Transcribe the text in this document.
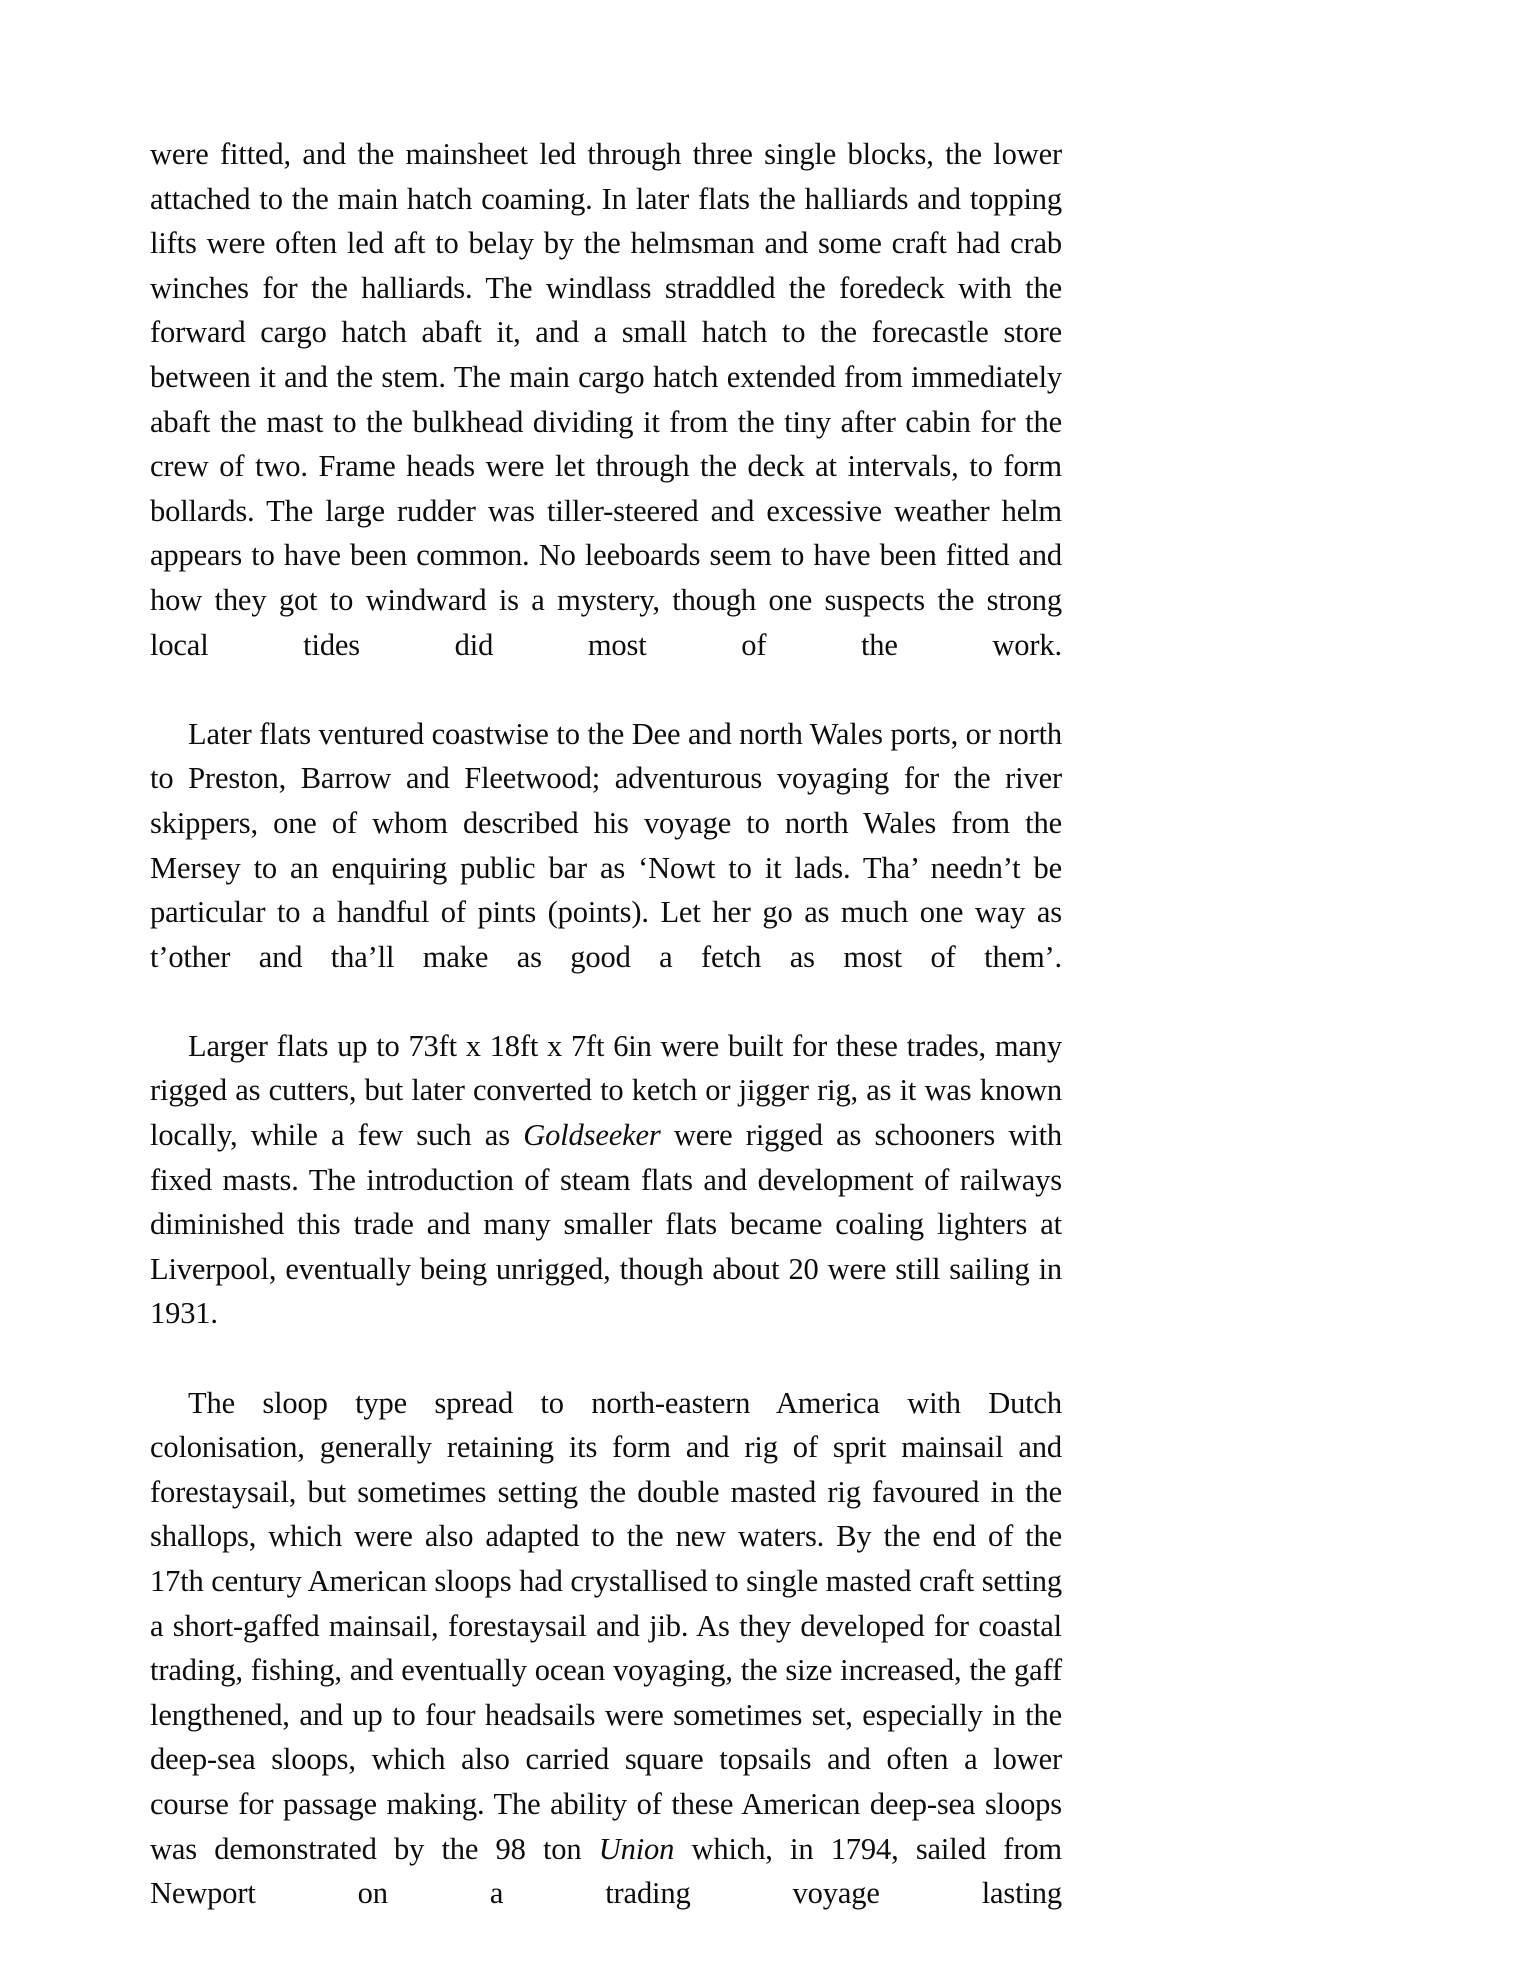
were fitted, and the mainsheet led through three single blocks, the lower attached to the main hatch coaming. In later flats the halliards and topping lifts were often led aft to belay by the helmsman and some craft had crab winches for the halliards. The windlass straddled the foredeck with the forward cargo hatch abaft it, and a small hatch to the forecastle store between it and the stem. The main cargo hatch extended from immediately abaft the mast to the bulkhead dividing it from the tiny after cabin for the crew of two. Frame heads were let through the deck at intervals, to form bollards. The large rudder was tiller-steered and excessive weather helm appears to have been common. No leeboards seem to have been fitted and how they got to windward is a mystery, though one suspects the strong local tides did most of the work.

Later flats ventured coastwise to the Dee and north Wales ports, or north to Preston, Barrow and Fleetwood; adventurous voyaging for the river skippers, one of whom described his voyage to north Wales from the Mersey to an enquiring public bar as ‘Nowt to it lads. Tha’ needn’t be particular to a handful of pints (points). Let her go as much one way as t’other and tha’ll make as good a fetch as most of them’.

Larger flats up to 73ft x 18ft x 7ft 6in were built for these trades, many rigged as cutters, but later converted to ketch or jigger rig, as it was known locally, while a few such as Goldseeker were rigged as schooners with fixed masts. The introduction of steam flats and development of railways diminished this trade and many smaller flats became coaling lighters at Liverpool, eventually being unrigged, though about 20 were still sailing in 1931.

The sloop type spread to north-eastern America with Dutch colonisation, generally retaining its form and rig of sprit mainsail and forestaysail, but sometimes setting the double masted rig favoured in the shallops, which were also adapted to the new waters. By the end of the 17th century American sloops had crystallised to single masted craft setting a short-gaffed mainsail, forestaysail and jib. As they developed for coastal trading, fishing, and eventually ocean voyaging, the size increased, the gaff lengthened, and up to four headsails were sometimes set, especially in the deep-sea sloops, which also carried square topsails and often a lower course for passage making. The ability of these American deep-sea sloops was demonstrated by the 98 ton Union which, in 1794, sailed from Newport on a trading voyage lasting
